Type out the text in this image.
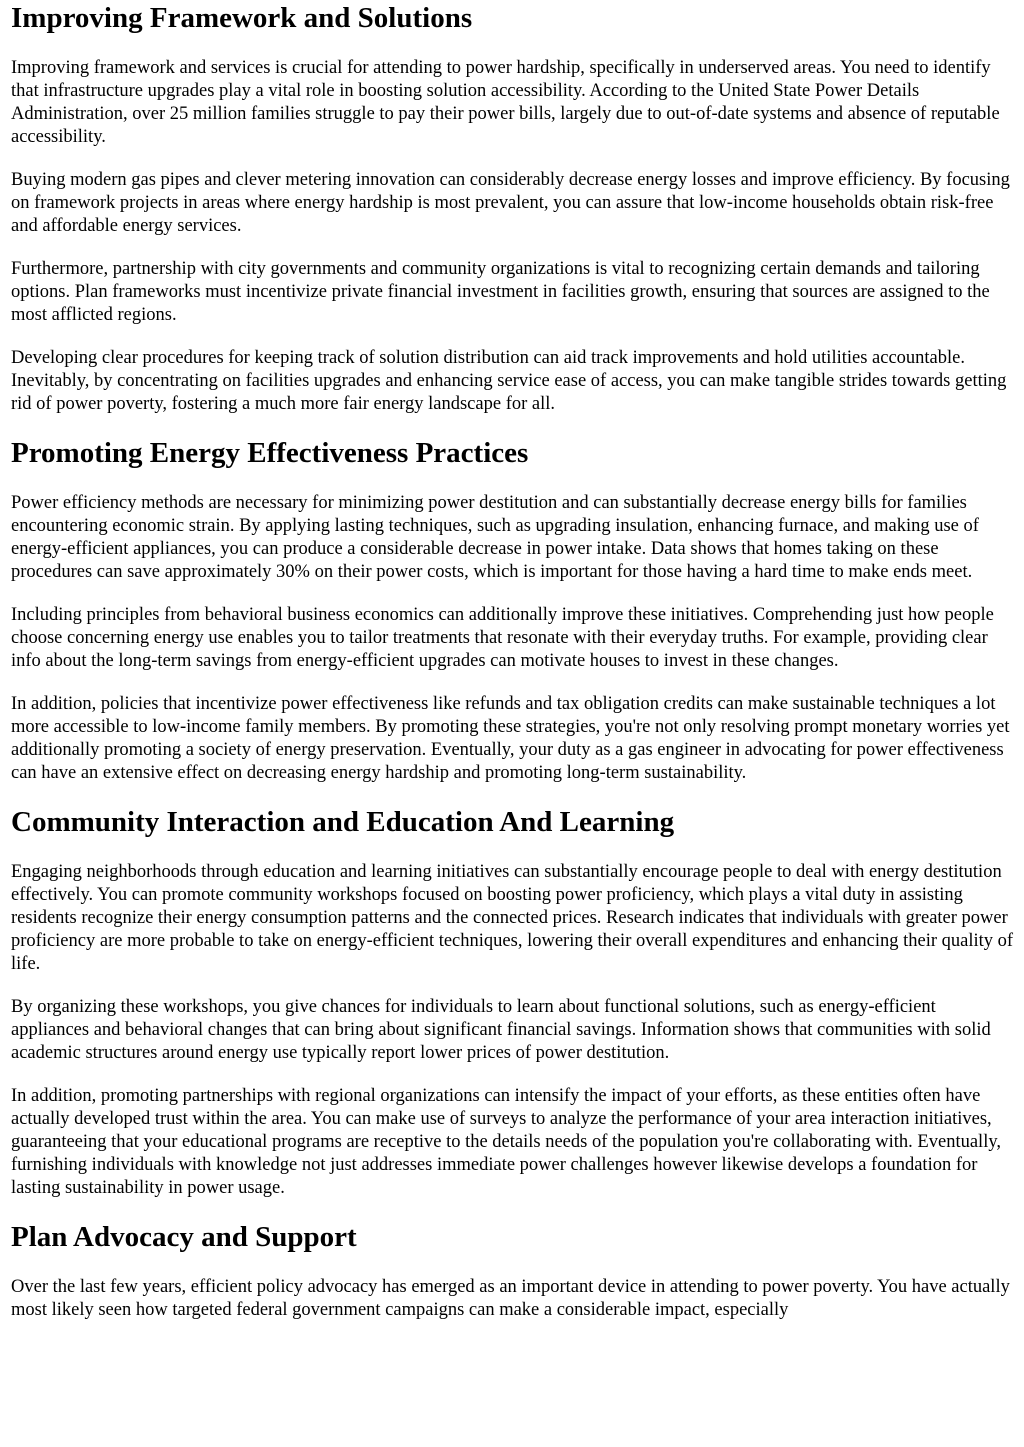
Improving Framework and Solutions

Improving framework and services is crucial for attending to power hardship, specifically in underserved areas. You need to identify that infrastructure upgrades play a vital role in boosting solution accessibility. According to the United State Power Details Administration, over 25 million families struggle to pay their power bills, largely due to out-of-date systems and absence of reputable accessibility.

Buying modern gas pipes and clever metering innovation can considerably decrease energy losses and improve efficiency. By focusing on framework projects in areas where energy hardship is most prevalent, you can assure that low-income households obtain risk-free and affordable energy services.

Furthermore, partnership with city governments and community organizations is vital to recognizing certain demands and tailoring options. Plan frameworks must incentivize private financial investment in facilities growth, ensuring that sources are assigned to the most afflicted regions.

Developing clear procedures for keeping track of solution distribution can aid track improvements and hold utilities accountable. Inevitably, by concentrating on facilities upgrades and enhancing service ease of access, you can make tangible strides towards getting rid of power poverty, fostering a much more fair energy landscape for all.

Promoting Energy Effectiveness Practices

Power efficiency methods are necessary for minimizing power destitution and can substantially decrease energy bills for families encountering economic strain. By applying lasting techniques, such as upgrading insulation, enhancing furnace, and making use of energy-efficient appliances, you can produce a considerable decrease in power intake. Data shows that homes taking on these procedures can save approximately 30% on their power costs, which is important for those having a hard time to make ends meet.

Including principles from behavioral business economics can additionally improve these initiatives. Comprehending just how people choose concerning energy use enables you to tailor treatments that resonate with their everyday truths. For example, providing clear info about the long-term savings from energy-efficient upgrades can motivate houses to invest in these changes.

In addition, policies that incentivize power effectiveness like refunds and tax obligation credits can make sustainable techniques a lot more accessible to low-income family members. By promoting these strategies, you're not only resolving prompt monetary worries yet additionally promoting a society of energy preservation. Eventually, your duty as a gas engineer in advocating for power effectiveness can have an extensive effect on decreasing energy hardship and promoting long-term sustainability.

Community Interaction and Education And Learning

Engaging neighborhoods through education and learning initiatives can substantially encourage people to deal with energy destitution effectively. You can promote community workshops focused on boosting power proficiency, which plays a vital duty in assisting residents recognize their energy consumption patterns and the connected prices. Research indicates that individuals with greater power proficiency are more probable to take on energy-efficient techniques, lowering their overall expenditures and enhancing their quality of life.

By organizing these workshops, you give chances for individuals to learn about functional solutions, such as energy-efficient appliances and behavioral changes that can bring about significant financial savings. Information shows that communities with solid academic structures around energy use typically report lower prices of power destitution.

In addition, promoting partnerships with regional organizations can intensify the impact of your efforts, as these entities often have actually developed trust within the area. You can make use of surveys to analyze the performance of your area interaction initiatives, guaranteeing that your educational programs are receptive to the details needs of the population you're collaborating with. Eventually, furnishing individuals with knowledge not just addresses immediate power challenges however likewise develops a foundation for lasting sustainability in power usage.

Plan Advocacy and Support

Over the last few years, efficient policy advocacy has emerged as an important device in attending to power poverty. You have actually most likely seen how targeted federal government campaigns can make a considerable impact, especially
